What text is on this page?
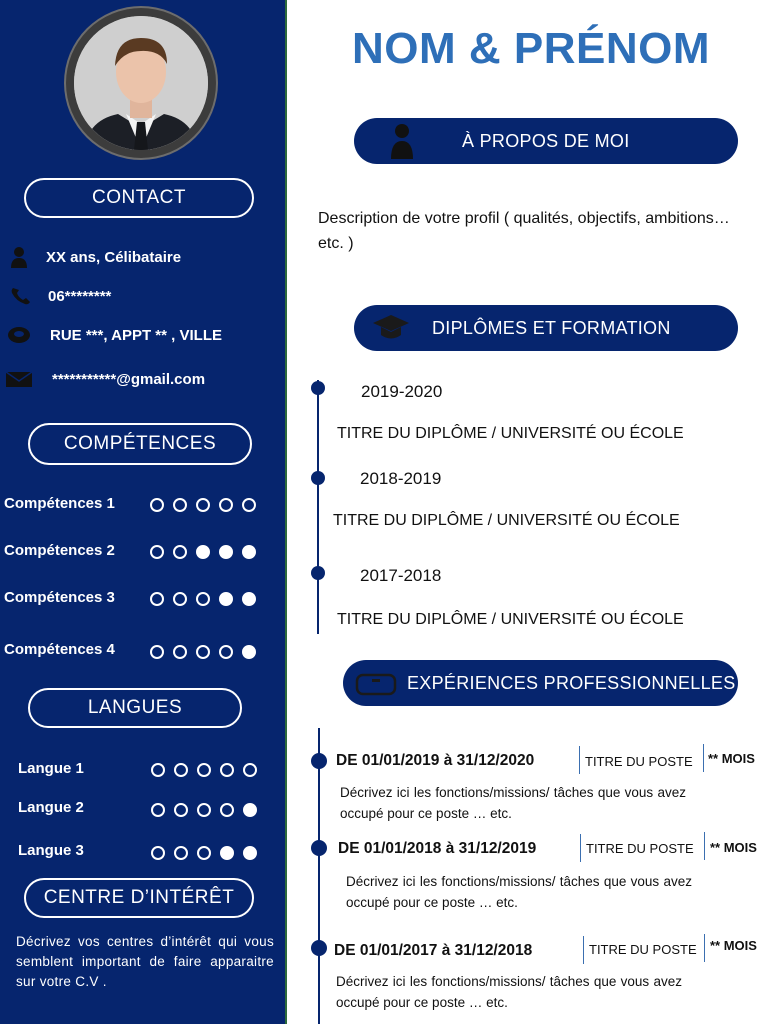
CONTACT
XX ans, Célibataire
06********
RUE ***, APPT ** , VILLE
***********@gmail.com
COMPÉTENCES
Compétences 1
Compétences 2
Compétences 3
Compétences 4
LANGUES
Langue 1
Langue 2
Langue 3
CENTRE D’INTÉRÊT
Décrivez vos centres d’intérêt qui vous semblent important de faire apparaitre sur votre C.V .
NOM & PRÉNOM
À PROPOS DE MOI
Description de votre profil ( qualités, objectifs, ambitions… etc. )
DIPLÔMES ET FORMATION
2019-2020
TITRE DU DIPLÔME / UNIVERSITÉ OU ÉCOLE
2018-2019
TITRE DU DIPLÔME / UNIVERSITÉ OU ÉCOLE
2017-2018
TITRE DU DIPLÔME / UNIVERSITÉ OU ÉCOLE
EXPÉRIENCES PROFESSIONNELLES
DE 01/01/2019 à 31/12/2020	TITRE DU POSTE ** MOIS
Décrivez ici les fonctions/missions/ tâches que vous avez occupé pour ce poste … etc.
DE 01/01/2018 à 31/12/2019	TITRE DU POSTE ** MOIS
Décrivez ici les fonctions/missions/ tâches que vous avez occupé pour ce poste … etc.
DE 01/01/2017 à 31/12/2018	TITRE DU POSTE ** MOIS
Décrivez ici les fonctions/missions/ tâches que vous avez occupé pour ce poste … etc.
